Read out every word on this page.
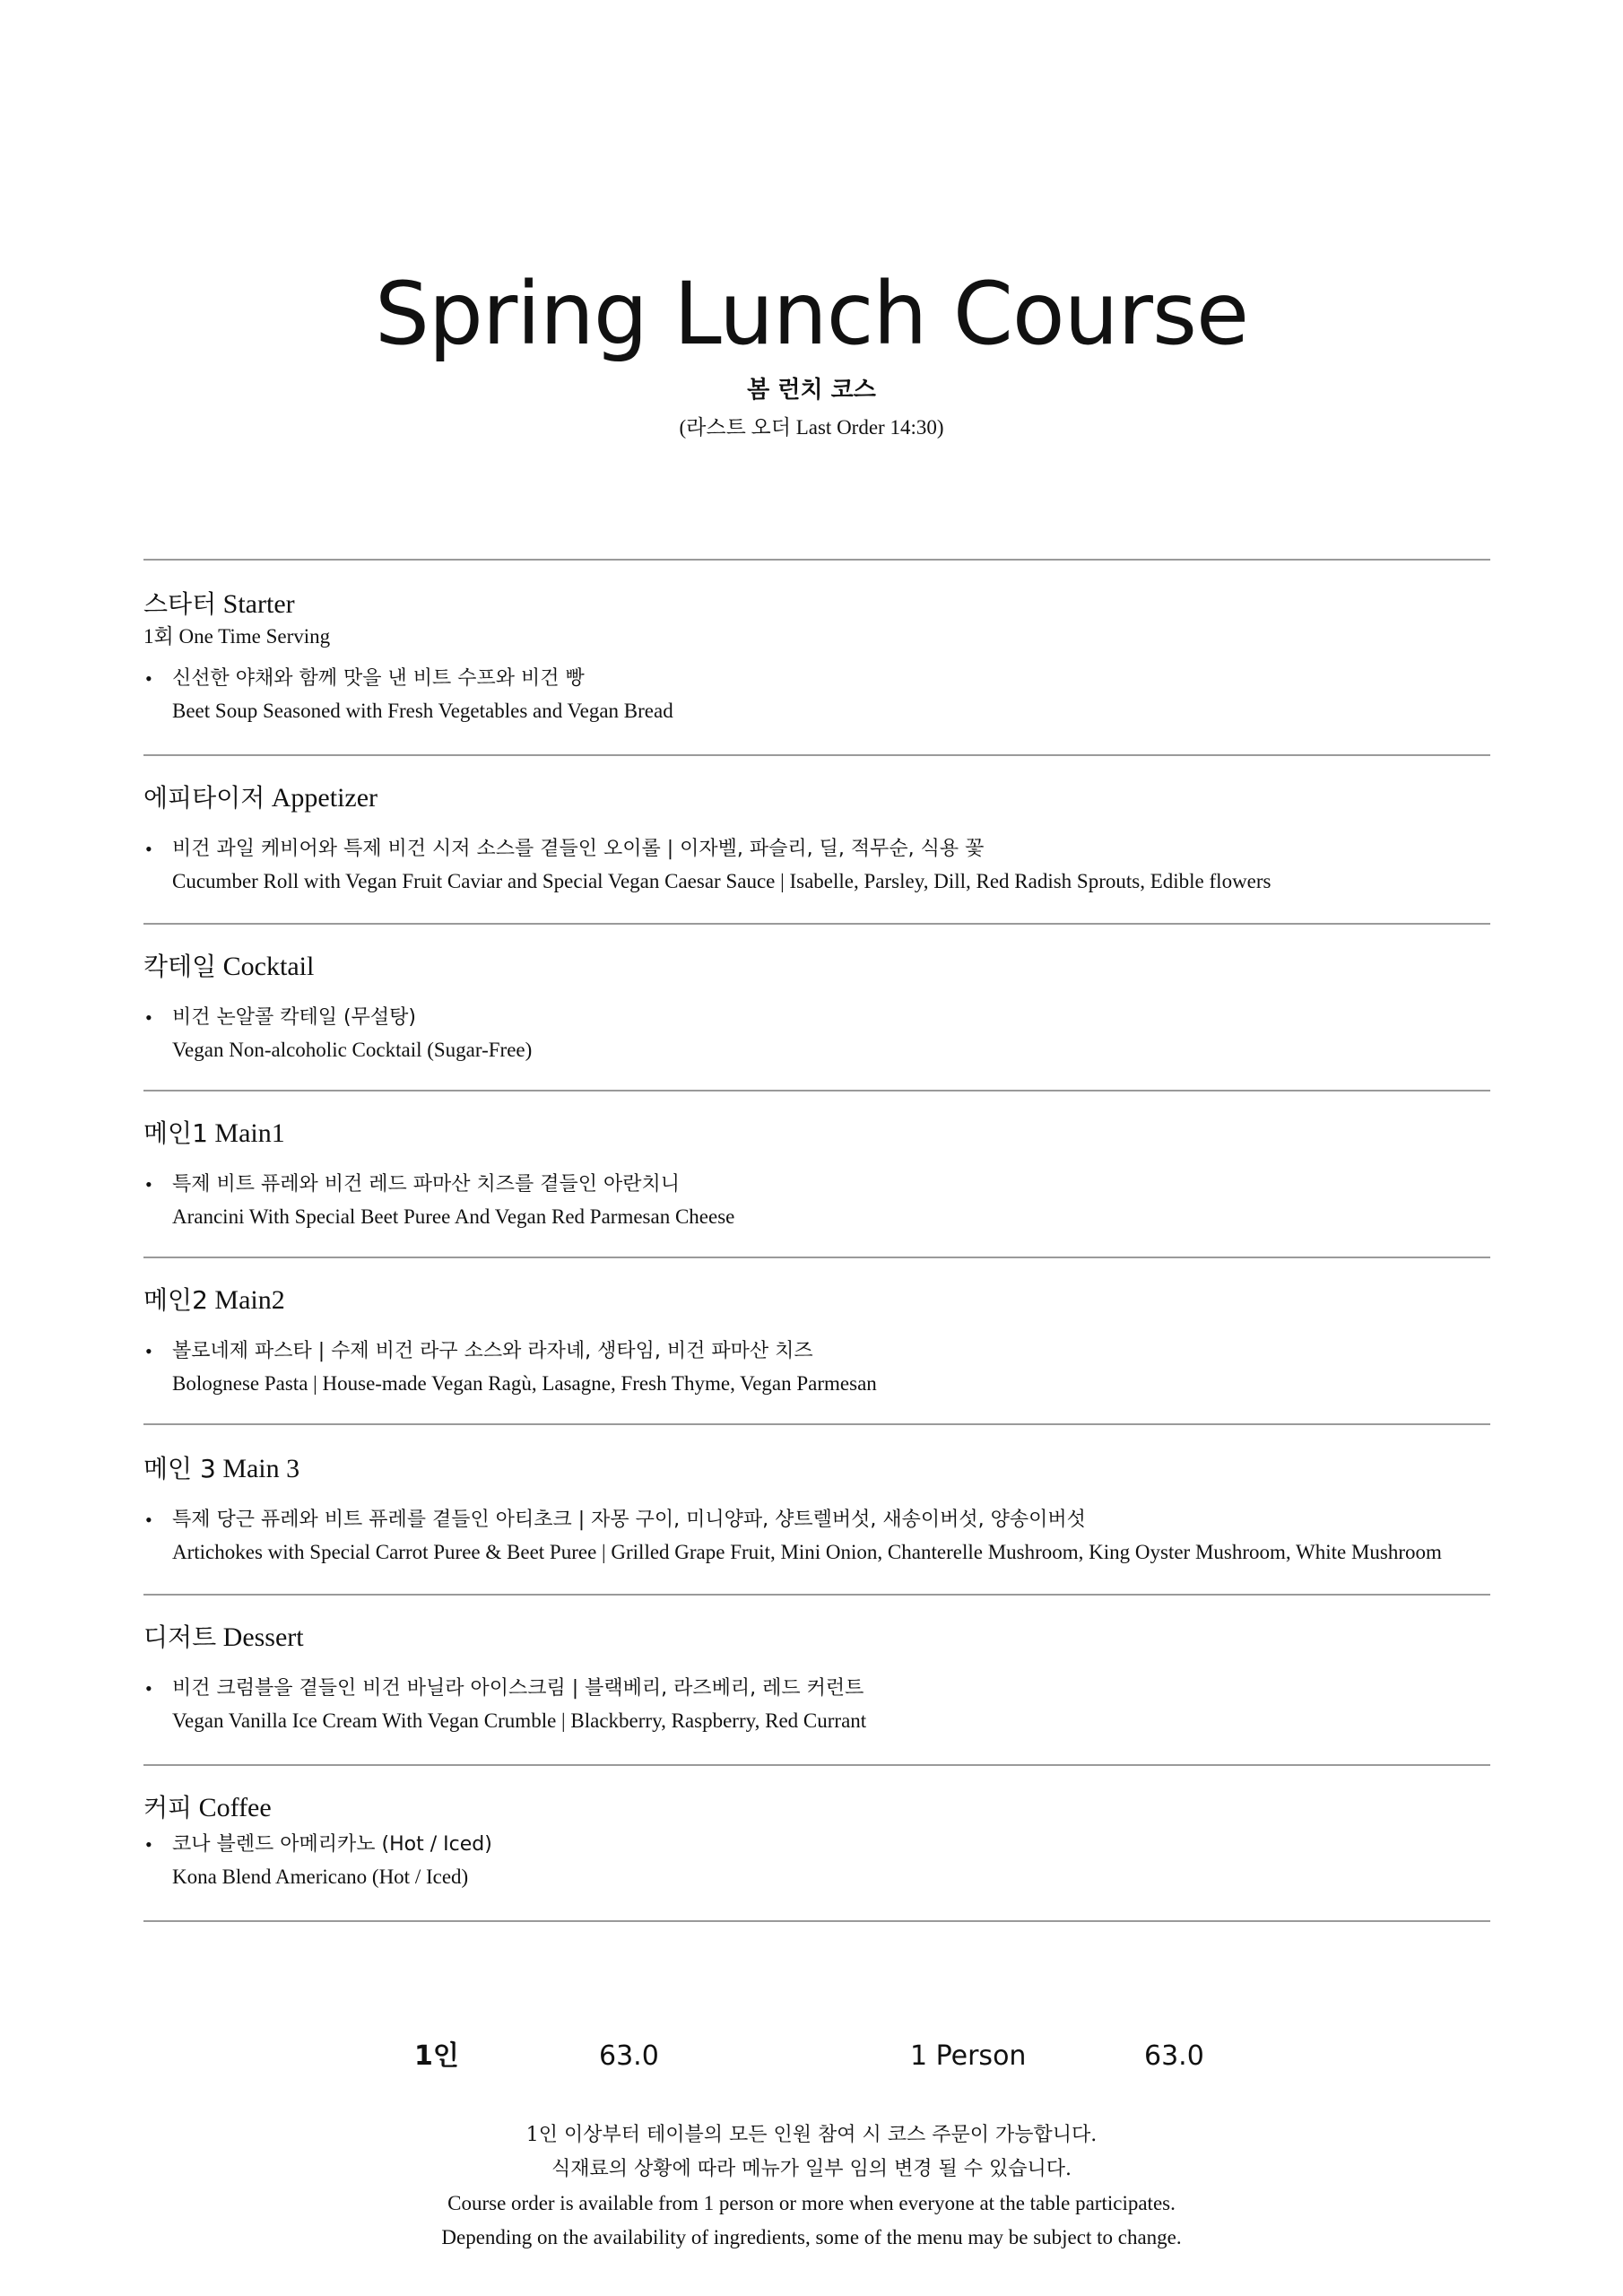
Spring Lunch Course
봄 런치 코스
(라스트 오더 Last Order 14:30)
스타터 Starter
1회 One Time Serving
• 신선한 야채와 함께 맛을 낸 비트 수프와 비건 빵
Beet Soup Seasoned with Fresh Vegetables and Vegan Bread
에피타이저 Appetizer
• 비건 과일 케비어와 특제 비건 시저 소스를 곁들인 오이롤 | 이자벨, 파슬리, 딜, 적무순, 식용 꽃
Cucumber Roll with Vegan Fruit Caviar and Special Vegan Caesar Sauce | Isabelle, Parsley, Dill, Red Radish Sprouts, Edible flowers
칵테일 Cocktail
• 비건 논알콜 칵테일 (무설탕)
Vegan Non-alcoholic Cocktail (Sugar-Free)
메인1 Main1
• 특제 비트 퓨레와 비건 레드 파마산 치즈를 곁들인 아란치니
Arancini With Special Beet Puree And Vegan Red Parmesan Cheese
메인2 Main2
• 볼로네제 파스타 | 수제 비건 라구 소스와 라자녜, 생타임, 비건 파마산 치즈
Bolognese Pasta | House-made Vegan Ragù, Lasagne, Fresh Thyme, Vegan Parmesan
메인 3 Main 3
• 특제 당근 퓨레와 비트 퓨레를 곁들인 아티초크 | 자몽 구이, 미니양파, 샹트렐버섯, 새송이버섯, 양송이버섯
Artichokes with Special Carrot Puree & Beet Puree | Grilled Grape Fruit, Mini Onion, Chanterelle Mushroom, King Oyster Mushroom, White Mushroom
디저트 Dessert
• 비건 크럼블을 곁들인 비건 바닐라 아이스크림 | 블랙베리, 라즈베리, 레드 커런트
Vegan Vanilla Ice Cream With Vegan Crumble | Blackberry, Raspberry, Red Currant
커피 Coffee
• 코나 블렌드 아메리카노 (Hot / Iced)
Kona Blend Americano (Hot / Iced)
1인	63.0	1 Person	63.0
1인 이상부터 테이블의 모든 인원 참여 시 코스 주문이 가능합니다.
식재료의 상황에 따라 메뉴가 일부 임의 변경 될 수 있습니다.
Course order is available from 1 person or more when everyone at the table participates.
Depending on the availability of ingredients, some of the menu may be subject to change.
